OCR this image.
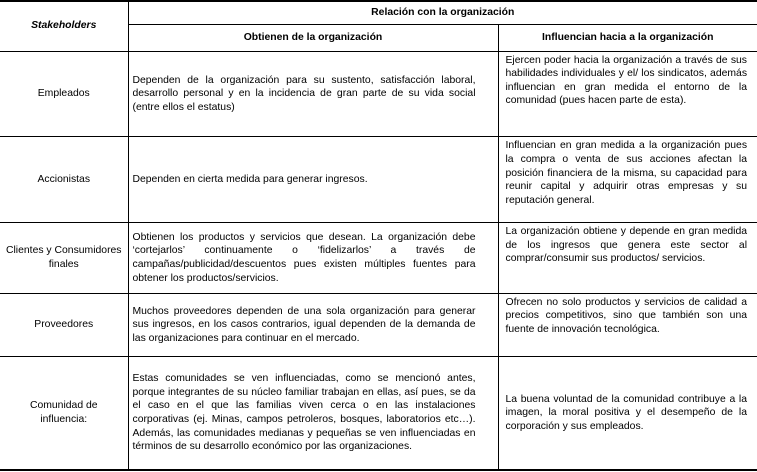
Stakeholders	Relación con la organización	
	Obtienen de la organización	Influencian hacia a la organización
Empleados	Dependen de la organización para su sustento, satisfacción laboral, desarrollo personal y en la incidencia de gran parte de su vida social (entre ellos el estatus)	Ejercen poder hacia la organización a través de sus habilidades individuales y el/ los sindicatos, además influencian en gran medida el entorno de la comunidad (pues hacen parte de esta).
Accionistas	Dependen en cierta medida para generar ingresos.	Influencian en gran medida a la organización pues la compra o venta de sus acciones afectan la posición financiera de la misma, su capacidad para reunir capital y adquirir otras empresas y su reputación general.
Clientes y Consumidores finales	Obtienen los productos y servicios que desean. La organización debe ‘cortejarlos’ continuamente o ‘fidelizarlos’ a través de campañas/publicidad/descuentos pues existen múltiples fuentes para obtener los productos/servicios.	La organización obtiene y depende en gran medida de los ingresos que genera este sector al comprar/consumir sus productos/ servicios.
Proveedores	Muchos proveedores dependen de una sola organización para generar sus ingresos, en los casos contrarios, igual dependen de la demanda de las organizaciones para continuar en el mercado.	Ofrecen no solo productos y servicios de calidad a precios competitivos, sino que también son una fuente de innovación tecnológica.
Comunidad de influencia:	Estas comunidades se ven influenciadas, como se mencionó antes, porque integrantes de su núcleo familiar trabajan en ellas, así pues, se da el caso en el que las familias viven cerca o en las instalaciones corporativas (ej. Minas, campos petroleros, bosques, laboratorios etc…). Además, las comunidades medianas y pequeñas se ven influenciadas en términos de su desarrollo económico por las organizaciones.	La buena voluntad de la comunidad contribuye a la imagen, la moral positiva y el desempeño de la corporación y sus empleados.
